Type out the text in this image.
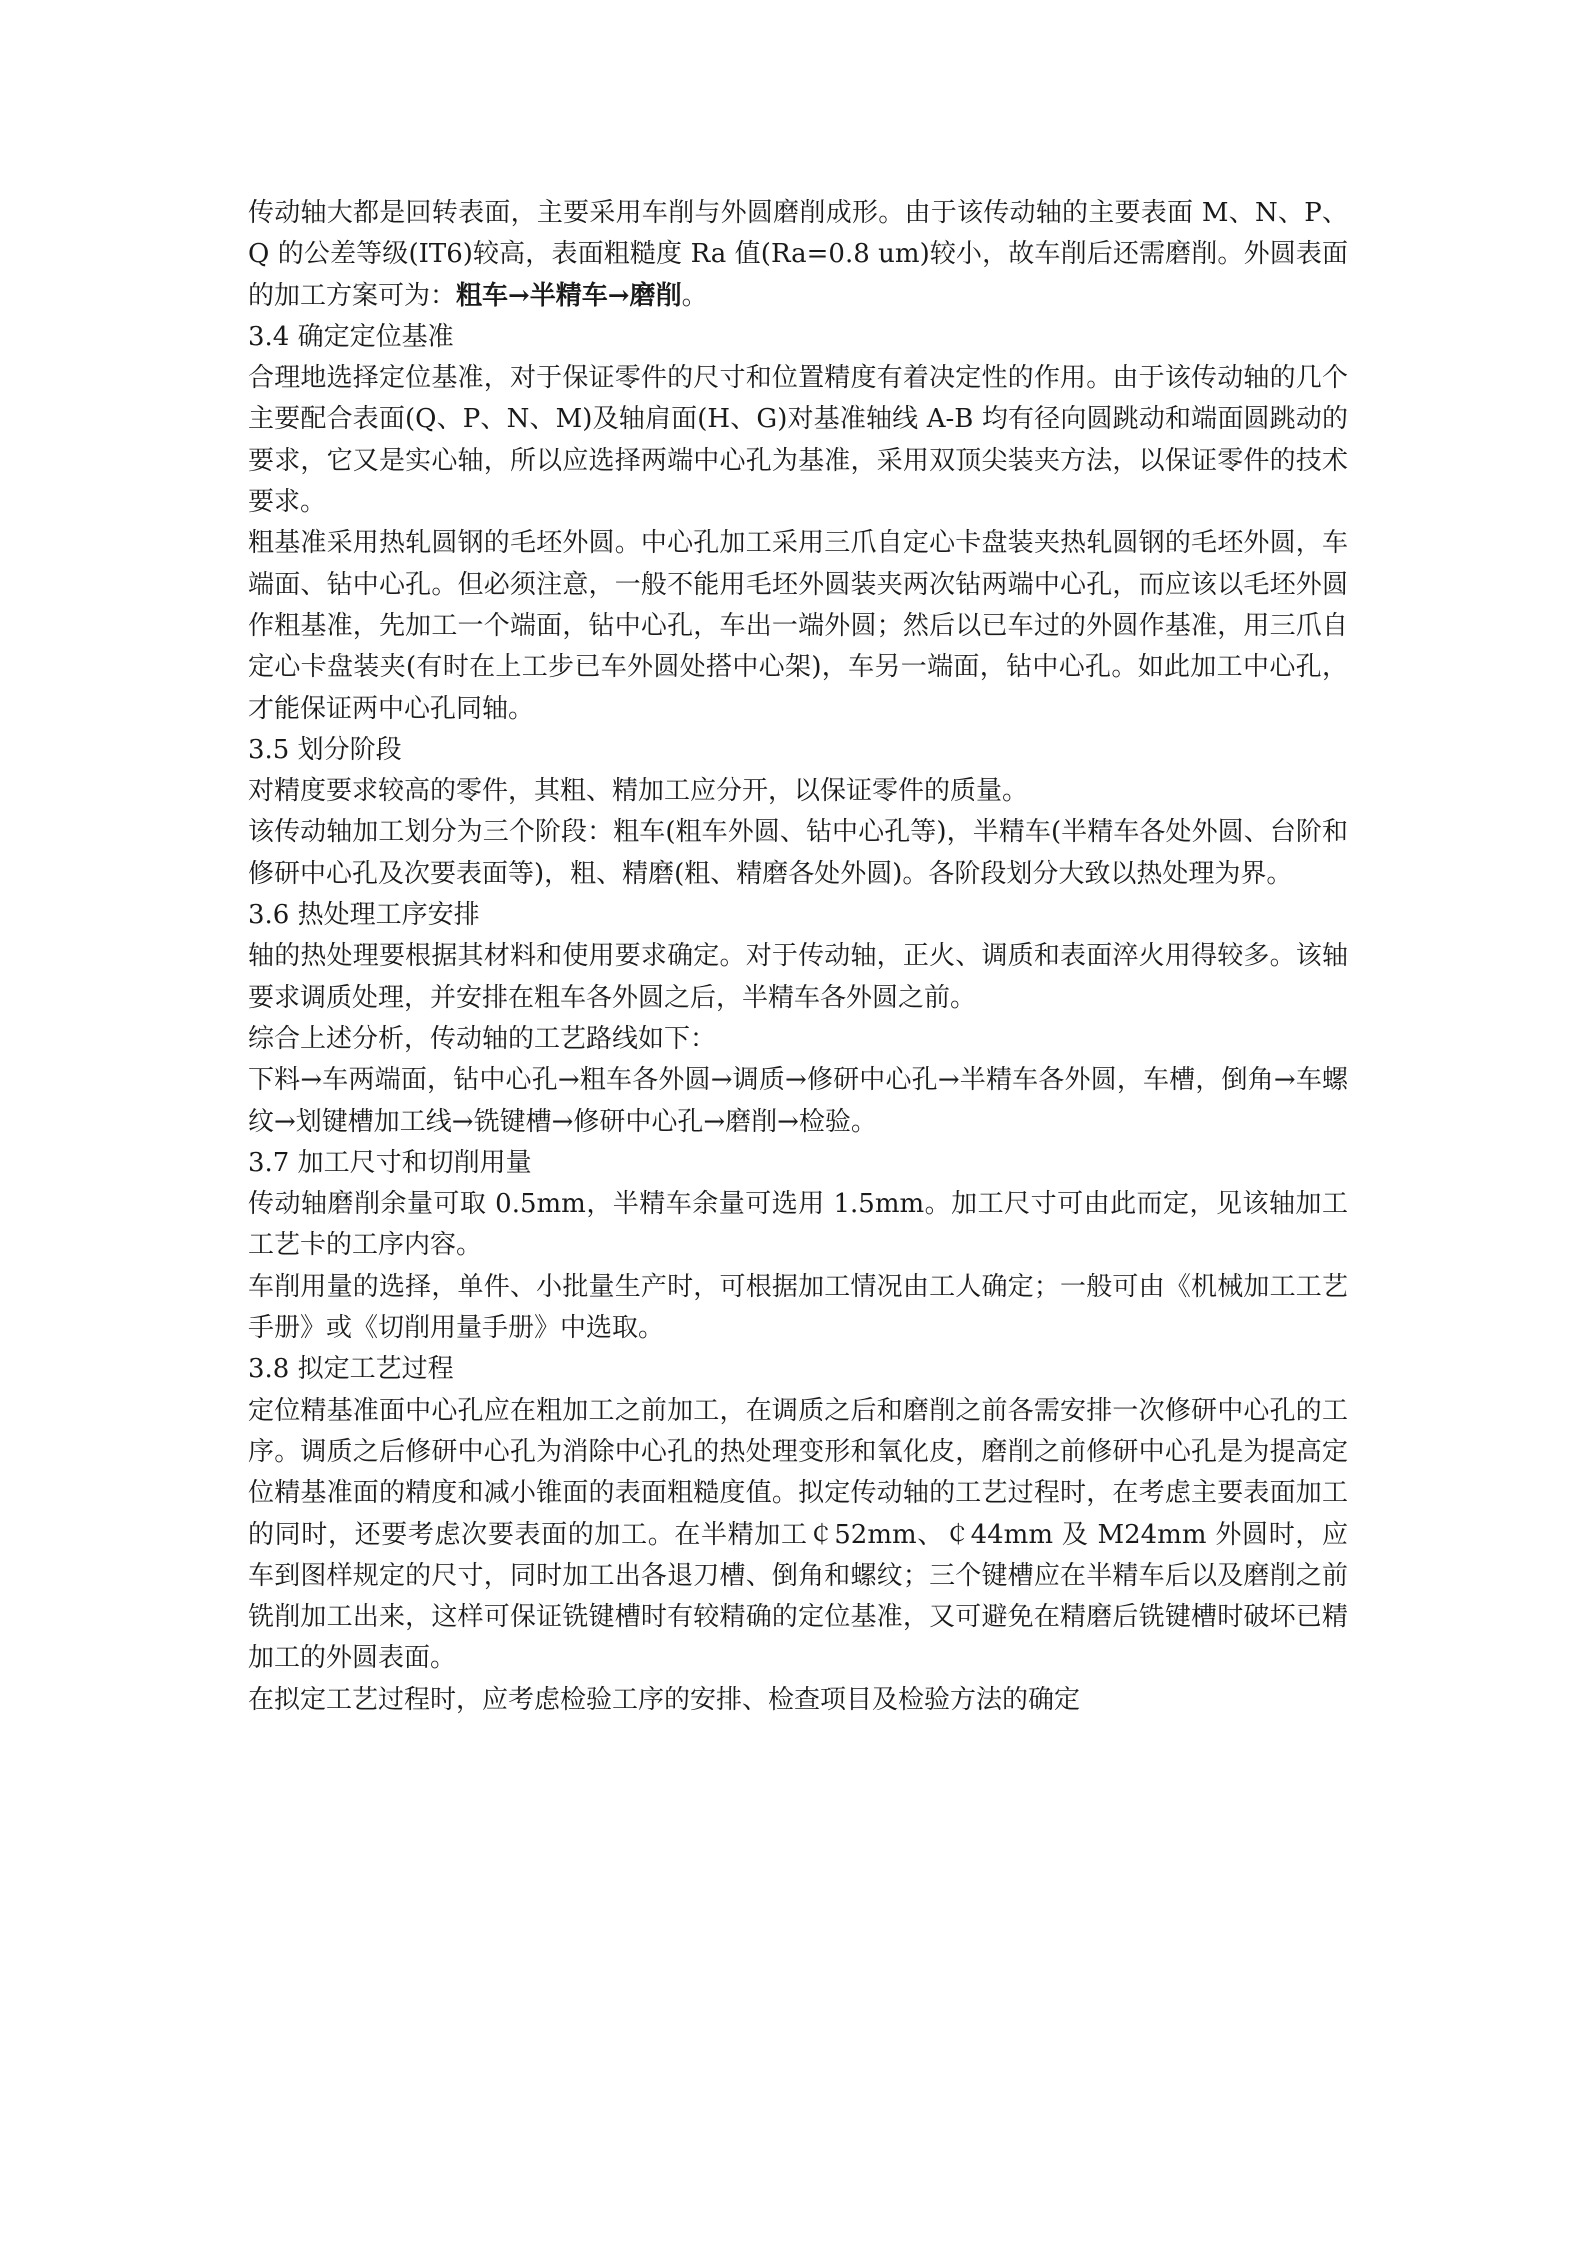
传动轴大都是回转表面，主要采用车削与外圆磨削成形。由于该传动轴的主要表面 M、N、P、Q 的公差等级(IT6)较高，表面粗糙度 Ra 值(Ra=0.8 um)较小，故车削后还需磨削。外圆表面的加工方案可为：粗车→半精车→磨削。

3.4 确定定位基准

合理地选择定位基准，对于保证零件的尺寸和位置精度有着决定性的作用。由于该传动轴的几个主要配合表面(Q、P、N、M)及轴肩面(H、G)对基准轴线 A-B 均有径向圆跳动和端面圆跳动的要求，它又是实心轴，所以应选择两端中心孔为基准，采用双顶尖装夹方法，以保证零件的技术要求。

粗基准采用热轧圆钢的毛坯外圆。中心孔加工采用三爪自定心卡盘装夹热轧圆钢的毛坯外圆，车端面、钻中心孔。但必须注意，一般不能用毛坯外圆装夹两次钻两端中心孔，而应该以毛坯外圆作粗基准，先加工一个端面，钻中心孔，车出一端外圆；然后以已车过的外圆作基准，用三爪自定心卡盘装夹(有时在上工步已车外圆处搭中心架)，车另一端面，钻中心孔。如此加工中心孔，才能保证两中心孔同轴。

3.5 划分阶段

对精度要求较高的零件，其粗、精加工应分开，以保证零件的质量。

该传动轴加工划分为三个阶段：粗车(粗车外圆、钻中心孔等)，半精车(半精车各处外圆、台阶和修研中心孔及次要表面等)，粗、精磨(粗、精磨各处外圆)。各阶段划分大致以热处理为界。

3.6 热处理工序安排

轴的热处理要根据其材料和使用要求确定。对于传动轴，正火、调质和表面淬火用得较多。该轴要求调质处理，并安排在粗车各外圆之后，半精车各外圆之前。

综合上述分析，传动轴的工艺路线如下：

下料→车两端面，钻中心孔→粗车各外圆→调质→修研中心孔→半精车各外圆，车槽，倒角→车螺纹→划键槽加工线→铣键槽→修研中心孔→磨削→检验。

3.7 加工尺寸和切削用量

传动轴磨削余量可取 0.5mm，半精车余量可选用 1.5mm。加工尺寸可由此而定，见该轴加工工艺卡的工序内容。

车削用量的选择，单件、小批量生产时，可根据加工情况由工人确定；一般可由《机械加工工艺手册》或《切削用量手册》中选取。

3.8 拟定工艺过程

定位精基准面中心孔应在粗加工之前加工，在调质之后和磨削之前各需安排一次修研中心孔的工序。调质之后修研中心孔为消除中心孔的热处理变形和氧化皮，磨削之前修研中心孔是为提高定位精基准面的精度和减小锥面的表面粗糙度值。拟定传动轴的工艺过程时，在考虑主要表面加工的同时，还要考虑次要表面的加工。在半精加工￠52mm、￠44mm 及 M24mm 外圆时，应车到图样规定的尺寸，同时加工出各退刀槽、倒角和螺纹；三个键槽应在半精车后以及磨削之前铣削加工出来，这样可保证铣键槽时有较精确的定位基准，又可避免在精磨后铣键槽时破坏已精加工的外圆表面。

在拟定工艺过程时，应考虑检验工序的安排、检查项目及检验方法的确定
